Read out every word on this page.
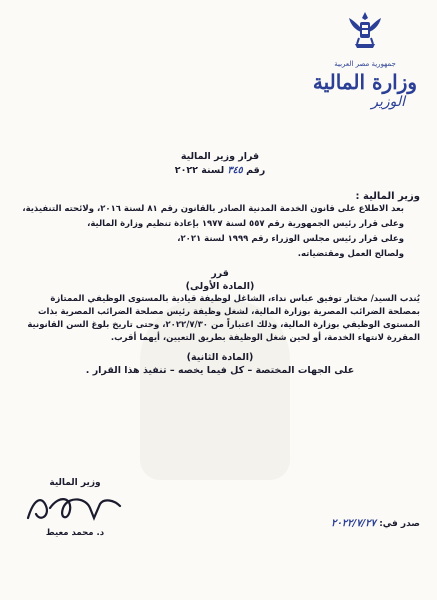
جمهورية مصر العربية
وزارة المالية
الوزير
قرار وزير المالية
رقم ٣٤٥ لسنة ٢٠٢٢

وزير المالية :

بعد الاطلاع على قانون الخدمة المدنية الصادر بالقانون رقم ٨١ لسنة ٢٠١٦، ولائحته التنفيذية،

وعلى قرار رئيس الجمهورية رقم ٥٥٧ لسنة ١٩٧٧ بإعادة تنظيم وزارة المالية،

وعلى قرار رئيس مجلس الوزراء رقم ١٩٩٩ لسنة ٢٠٢١،

ولصالح العمل ومقتضياته.

قرر

(المادة الأولى)

يُندب السيد/ مختار توفيق عباس نداء، الشاغل لوظيفة قيادية بالمستوى الوظيفي الممتازة بمصلحة الضرائب المصرية بوزارة المالية، لشغل وظيفة رئيس مصلحة الضرائب المصرية بذات المستوى الوظيفي بوزارة المالية، وذلك اعتباراً من ٢٠٢٢/٧/٣٠، وحتى تاريخ بلوغ السن القانونية المقررة لانتهاء الخدمة، أو لحين شغل الوظيفة بطريق التعيين، أيهما أقرب.

(المادة الثانية)

على الجهات المختصة – كل فيما يخصه – تنفيذ هذا القرار .

وزير المالية
د. محمد معيط
صدر في: ٢٠٢٢/٧/٢٧
